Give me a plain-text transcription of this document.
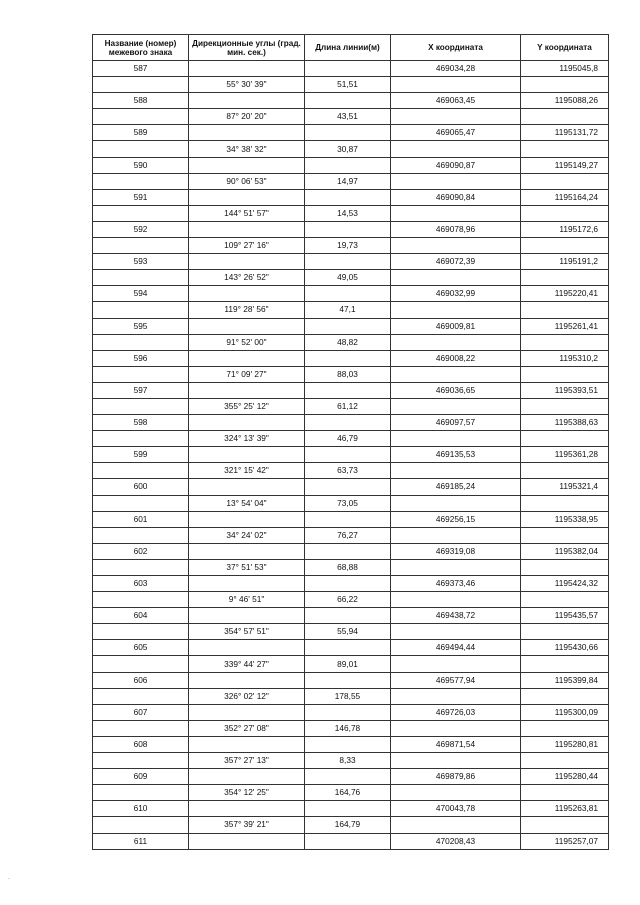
Название (номер) межевого знака	Дирекционные углы (град. мин. сек.)	Длина линии(м)	X координата	Y координата
587			469034,28	1195045,8
	55° 30' 39"	51,51		
588			469063,45	1195088,26
	87° 20' 20"	43,51		
589			469065,47	1195131,72
	34° 38' 32"	30,87		
590			469090,87	1195149,27
	90° 06' 53"	14,97		
591			469090,84	1195164,24
	144° 51' 57"	14,53		
592			469078,96	1195172,6
	109° 27' 16"	19,73		
593			469072,39	1195191,2
	143° 26' 52"	49,05		
594			469032,99	1195220,41
	119° 28' 56"	47,1		
595			469009,81	1195261,41
	91° 52' 00"	48,82		
596			469008,22	1195310,2
	71° 09' 27"	88,03		
597			469036,65	1195393,51
	355° 25' 12"	61,12		
598			469097,57	1195388,63
	324° 13' 39"	46,79		
599			469135,53	1195361,28
	321° 15' 42"	63,73		
600			469185,24	1195321,4
	13° 54' 04"	73,05		
601			469256,15	1195338,95
	34° 24' 02"	76,27		
602			469319,08	1195382,04
	37° 51' 53"	68,88		
603			469373,46	1195424,32
	9° 46' 51"	66,22		
604			469438,72	1195435,57
	354° 57' 51"	55,94		
605			469494,44	1195430,66
	339° 44' 27"	89,01		
606			469577,94	1195399,84
	326° 02' 12"	178,55		
607			469726,03	1195300,09
	352° 27' 08"	146,78		
608			469871,54	1195280,81
	357° 27' 13"	8,33		
609			469879,86	1195280,44
	354° 12' 25"	164,76		
610			470043,78	1195263,81
	357° 39' 21"	164,79		
611			470208,43	1195257,07
·
